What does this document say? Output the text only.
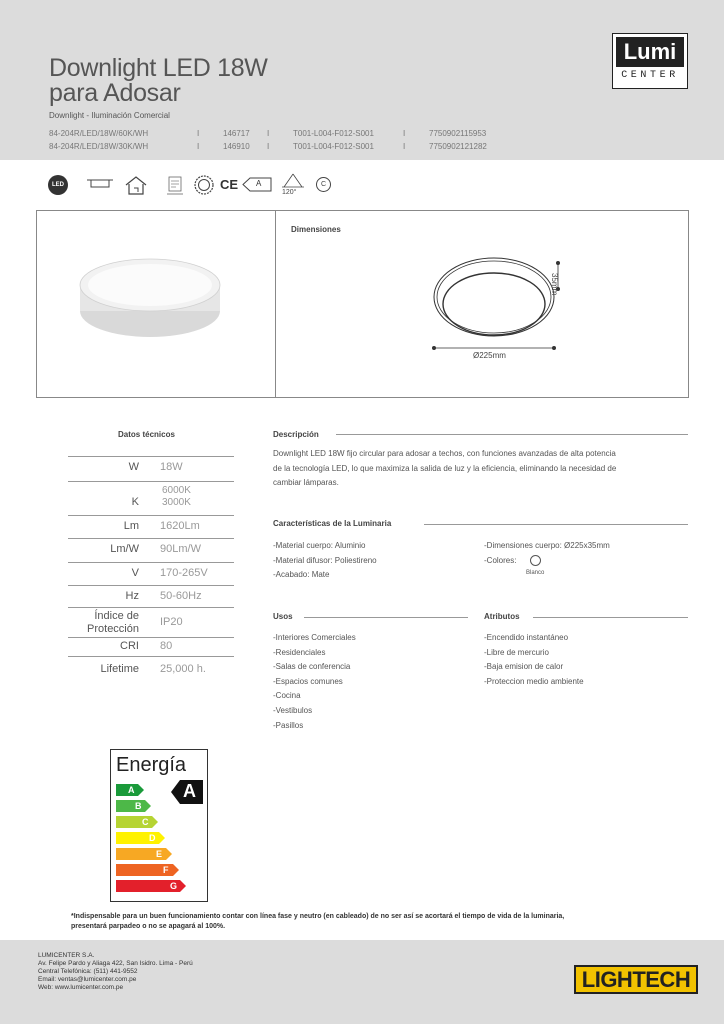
Downlight LED 18W
para Adosar
Downlight - Iluminación Comercial
84-204R/LED/18W/60K/WH	I	146717	I	T001-L004-F012-S001	I	7750902115953
84-204R/LED/18W/30K/WH	I	146910	I	T001-L004-F012-S001	I	7750902121282
Lumi
CENTER
LED	CE A
120°
C
Dimensiones
Ø225mm
35mm
Datos técnicos
W 18W
K
6000K
3000K
Lm 1620Lm
Lm/W 90Lm/W
V 170-265V
Hz 50-60Hz
Índice de
Protección
IP20
CRI 80
Lifetime 25,000 h.
Descripción
Downlight LED 18W fijo circular para adosar a techos, con funciones avanzadas de alta potencia
de la tecnología LED, lo que maximiza la salida de luz y la eficiencia, eliminando la necesidad de
cambiar lámparas.
Características de la Luminaria
-Material cuerpo: Aluminio
-Material difusor: Poliestireno
-Acabado: Mate
-Dimensiones cuerpo: Ø225x35mm
-Colores:
Blanco
Usos
-Interiores Comerciales
-Residenciales
-Salas de conferencia
-Espacios comunes
-Cocina
-Vestibulos
-Pasillos
Atributos
-Encendido instantáneo
-Libre de mercurio
-Baja emision de calor
-Proteccion medio ambiente
Energía
A
B
C
D
E
F
G
A
*Indispensable para un buen funcionamiento contar con línea fase y neutro (en cableado) de no ser así se acortará el tiempo de vida de la luminaria,
presentará parpadeo o no se apagará al 100%.
LUMICENTER S.A.
Av. Felipe Pardo y Aliaga 422, San Isidro. Lima - Perú
Central Telefónica: (511) 441-9552
Email: ventas@lumicenter.com.pe
Web: www.lumicenter.com.pe	LIGHTECH
